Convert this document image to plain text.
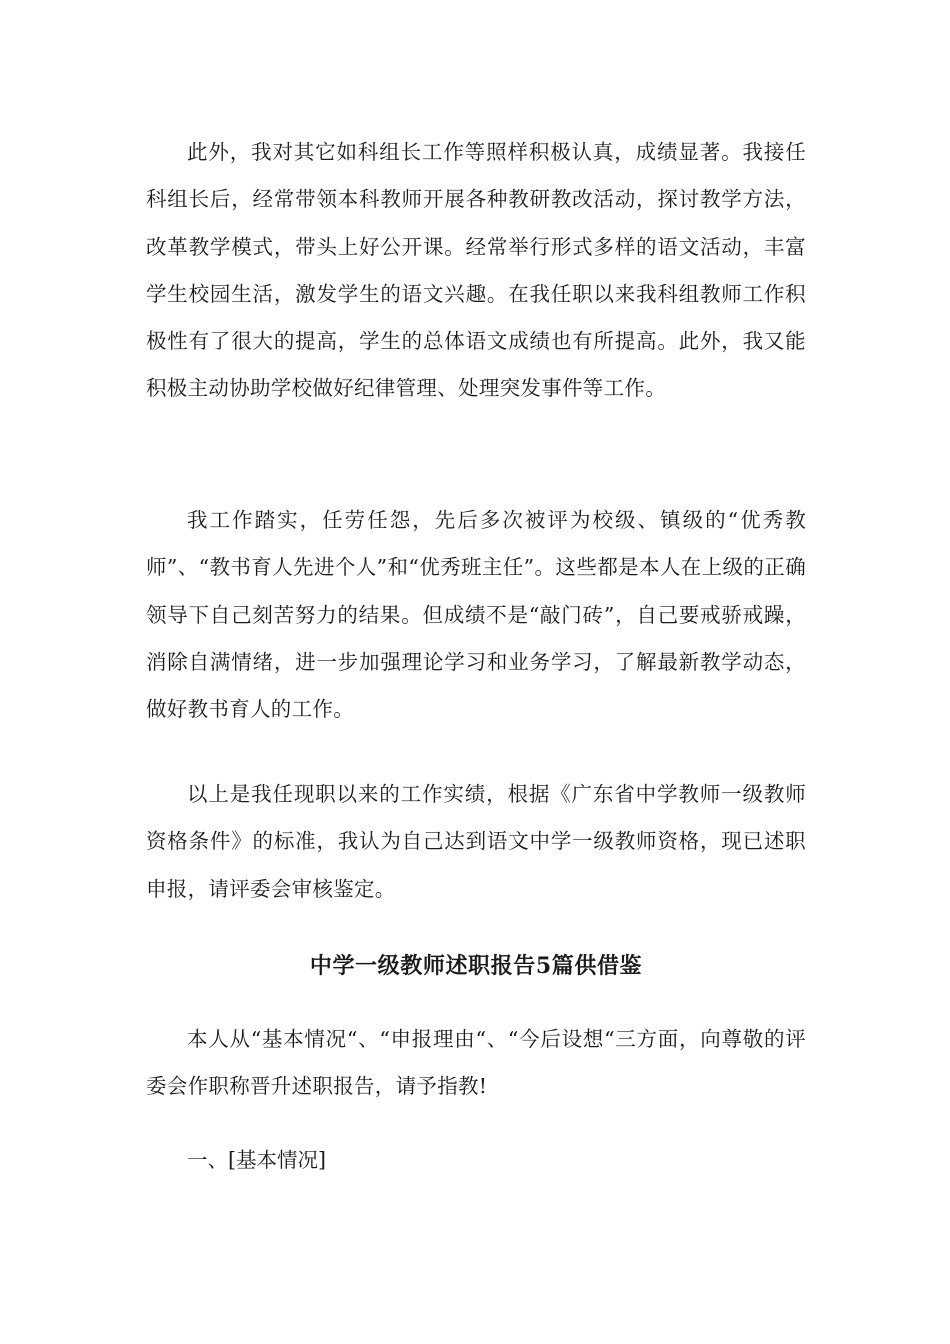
此外，我对其它如科组长工作等照样积极认真，成绩显著。我接任科组长后，经常带领本科教师开展各种教研教改活动，探讨教学方法，改革教学模式，带头上好公开课。经常举行形式多样的语文活动，丰富学生校园生活，激发学生的语文兴趣。在我任职以来我科组教师工作积极性有了很大的提高，学生的总体语文成绩也有所提高。此外，我又能积极主动协助学校做好纪律管理、处理突发事件等工作。

我工作踏实，任劳任怨，先后多次被评为校级、镇级的“优秀教师”、“教书育人先进个人”和“优秀班主任”。这些都是本人在上级的正确领导下自己刻苦努力的结果。但成绩不是“敲门砖”，自己要戒骄戒躁，消除自满情绪，进一步加强理论学习和业务学习，了解最新教学动态，做好教书育人的工作。

以上是我任现职以来的工作实绩，根据《广东省中学教师一级教师资格条件》的标准，我认为自己达到语文中学一级教师资格，现已述职申报，请评委会审核鉴定。

中学一级教师述职报告5篇供借鉴

本人从“基本情况“、“申报理由“、“今后设想“三方面，向尊敬的评委会作职称晋升述职报告，请予指教!

一、[基本情况]
